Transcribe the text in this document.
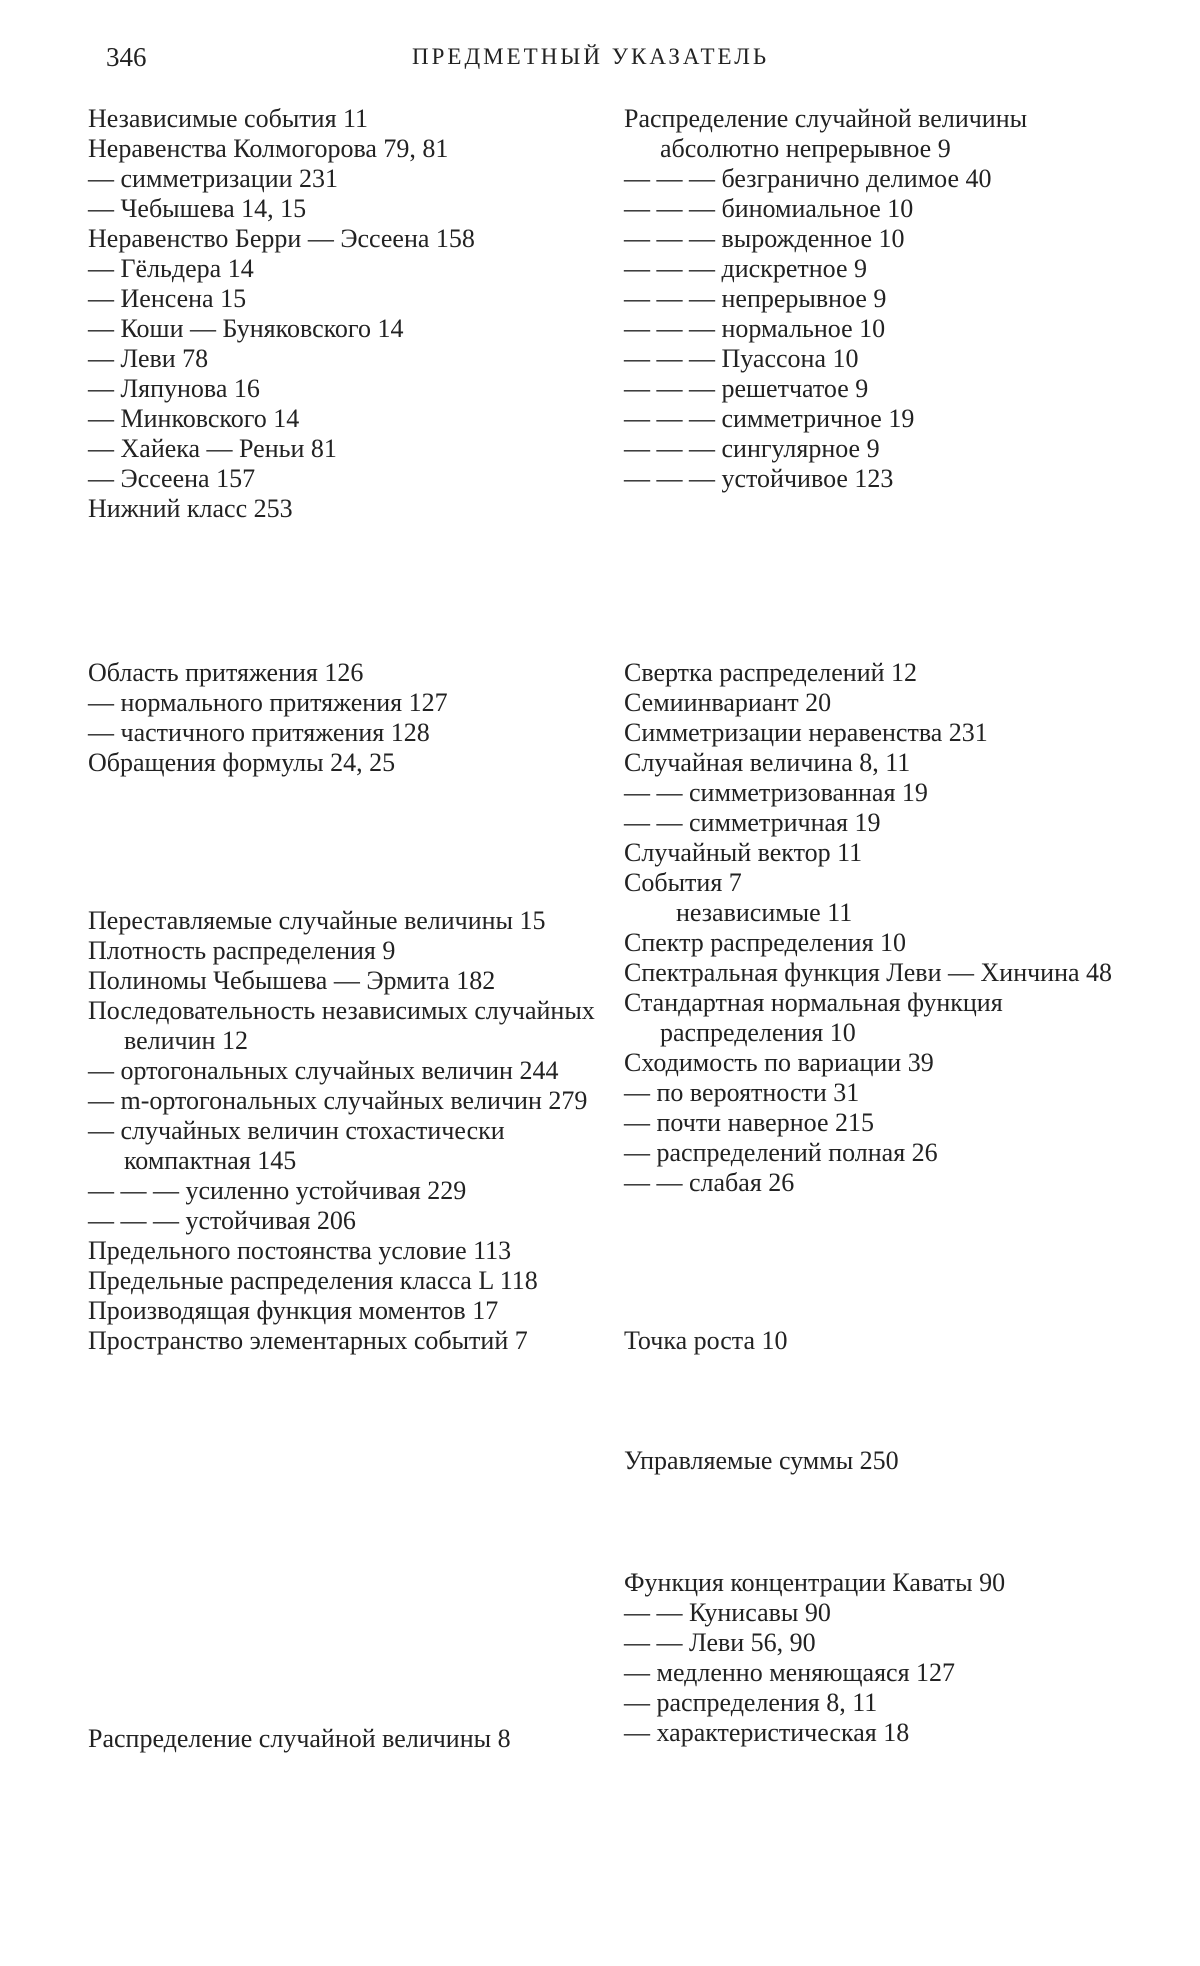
346	ПРЕДМЕТНЫЙ УКАЗАТЕЛЬ

Независимые события 11

Неравенства Колмогорова 79, 81

— симметризации 231

— Чебышева 14, 15

Неравенство Берри — Эссеена 158

— Гёльдера 14

— Иенсена 15

— Коши — Буняковского 14

— Леви 78

— Ляпунова 16

— Минковского 14

— Хайека — Реньи 81

— Эссеена 157

Нижний класс 253

Область притяжения 126

— нормального притяжения 127

— частичного притяжения 128

Обращения формулы 24, 25

Переставляемые случайные величины 15

Плотность распределения 9

Полиномы Чебышева — Эрмита 182

Последовательность независимых случайных величин 12

— ортогональных случайных величин 244

— m-ортогональных случайных величин 279

— случайных величин стохастически компактная 145

— — — усиленно устойчивая 229

— — — устойчивая 206

Предельного постоянства условие 113

Предельные распределения класса L 118

Производящая функция моментов 17

Пространство элементарных событий 7

Распределение случайной величины 8

Распределение случайной величины абсолютно непрерывное 9

— — — безгранично делимое 40

— — — биномиальное 10

— — — вырожденное 10

— — — дискретное 9

— — — непрерывное 9

— — — нормальное 10

— — — Пуассона 10

— — — решетчатое 9

— — — симметричное 19

— — — сингулярное 9

— — — устойчивое 123

Свертка распределений 12

Семиинвариант 20

Симметризации неравенства 231

Случайная величина 8, 11

— — симметризованная 19

— — симметричная 19

Случайный вектор 11

События 7

независимые 11

Спектр распределения 10

Спектральная функция Леви — Хинчина 48

Стандартная нормальная функция распределения 10

Сходимость по вариации 39

— по вероятности 31

— почти наверное 215

— распределений полная 26

— — слабая 26

Точка роста 10

Управляемые суммы 250

Функция концентрации Каваты 90

— — Кунисавы 90

— — Леви 56, 90

— медленно меняющаяся 127

— распределения 8, 11

— характеристическая 18
